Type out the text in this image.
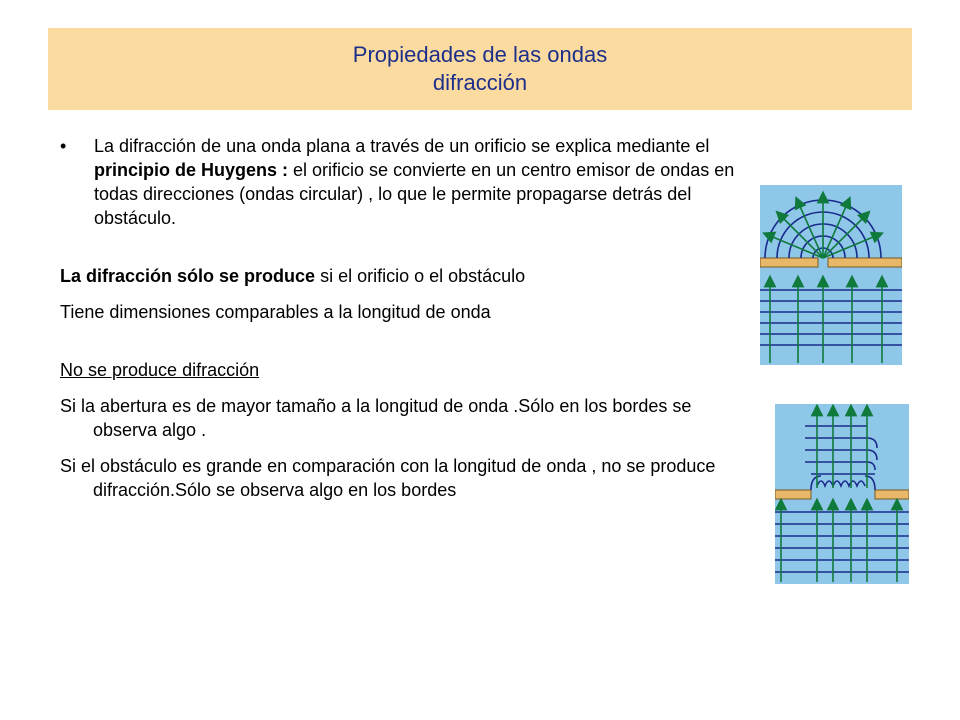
Propiedades de las ondas
difracción
•	La difracción de una onda plana a través de un orificio se explica mediante el principio de Huygens : el orificio se convierte en un centro emisor de ondas en todas direcciones (ondas circular) , lo que le permite propagarse detrás del obstáculo.

La difracción sólo se produce si el orificio o el obstáculo

Tiene dimensiones comparables a la longitud de onda

No se produce difracción

Si la abertura es de mayor tamaño a la longitud de onda .Sólo en los bordes se observa algo .

Si el obstáculo es grande en comparación con la longitud de onda , no se produce difracción.Sólo se observa algo en los bordes
